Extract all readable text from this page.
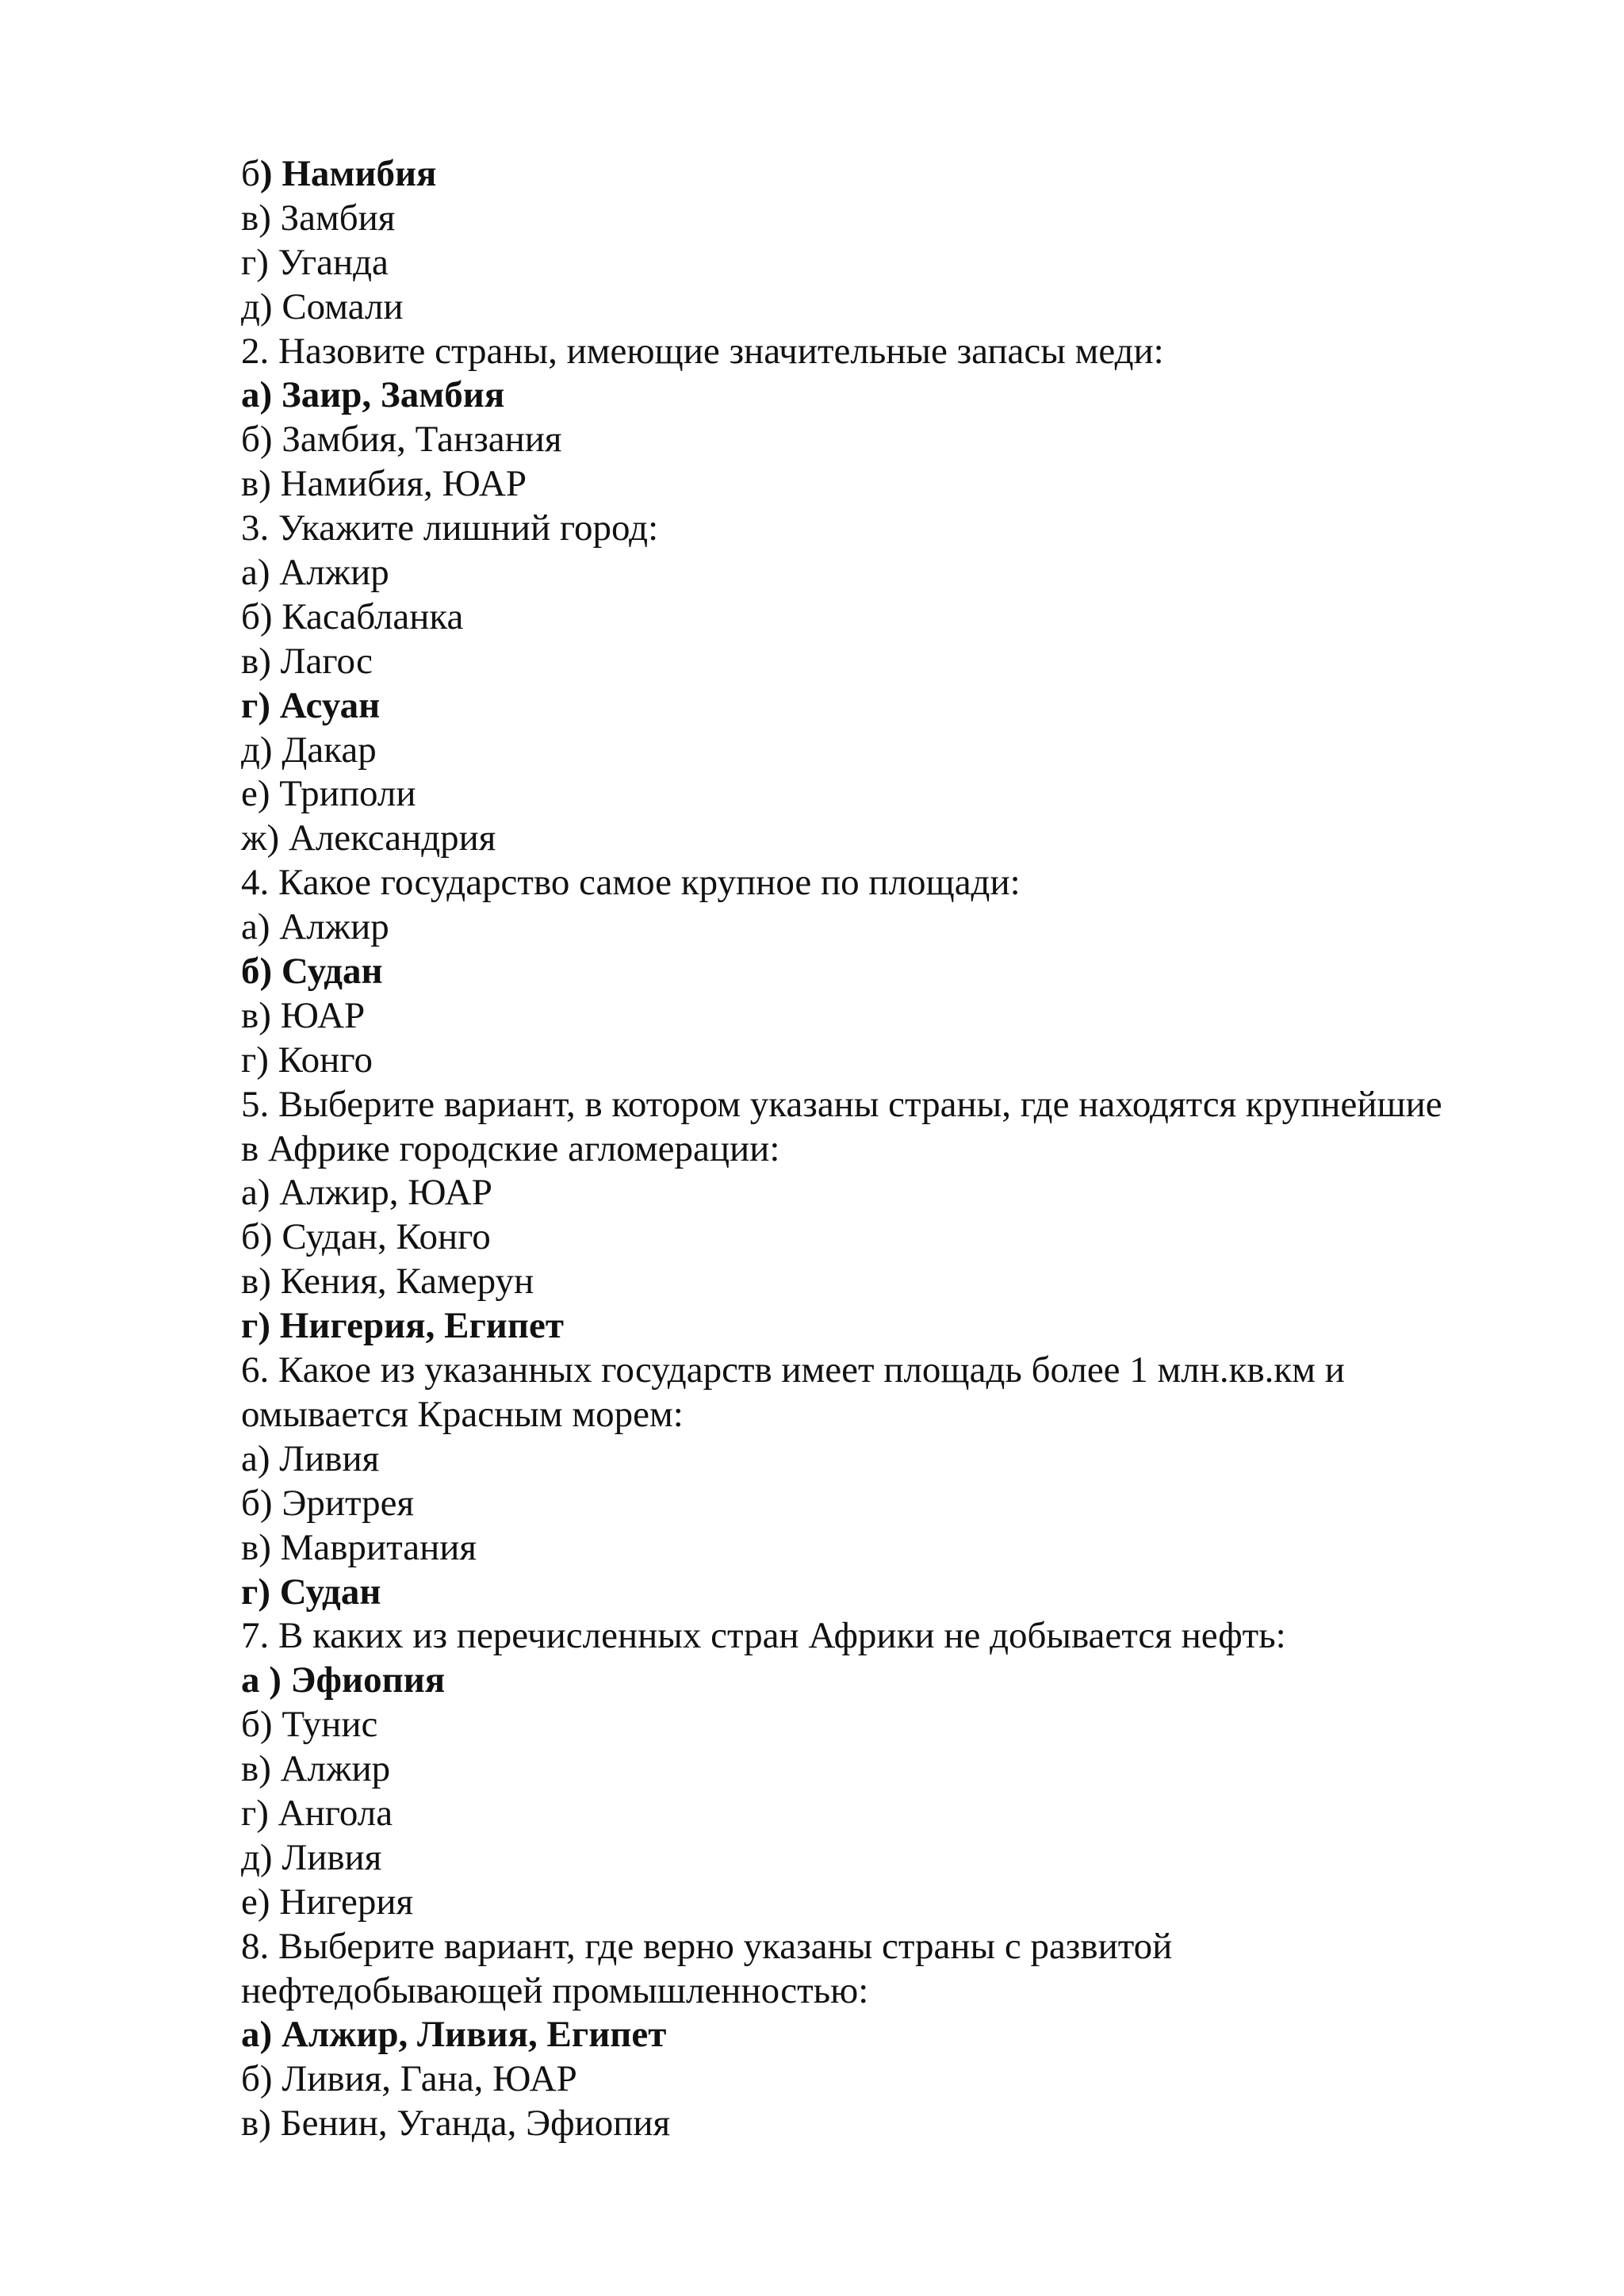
б) Намибия
в) Замбия
г) Уганда
д) Сомали
2. Назовите страны, имеющие значительные запасы меди:
а) Заир, Замбия
б) Замбия, Танзания
в) Намибия, ЮАР
3. Укажите лишний город:
а) Алжир
б) Касабланка
в) Лагос
г) Асуан
д) Дакар
е) Триполи
ж) Александрия
4. Какое государство самое крупное по площади:
а) Алжир
б) Судан
в) ЮАР
г) Конго
5. Выберите вариант, в котором указаны страны, где находятся крупнейшие
в Африке городские агломерации:
а) Алжир, ЮАР
б) Судан, Конго
в) Кения, Камерун
г) Нигерия, Египет
6. Какое из указанных государств имеет площадь более 1 млн.кв.км и
омывается Красным морем:
а) Ливия
б) Эритрея
в) Мавритания
г) Судан
7. В каких из перечисленных стран Африки не добывается нефть:
а ) Эфиопия
б) Тунис
в) Алжир
г) Ангола
д) Ливия
е) Нигерия
8. Выберите вариант, где верно указаны страны с развитой
нефтедобывающей промышленностью:
а) Алжир, Ливия, Египет
б) Ливия, Гана, ЮАР
в) Бенин, Уганда, Эфиопия
